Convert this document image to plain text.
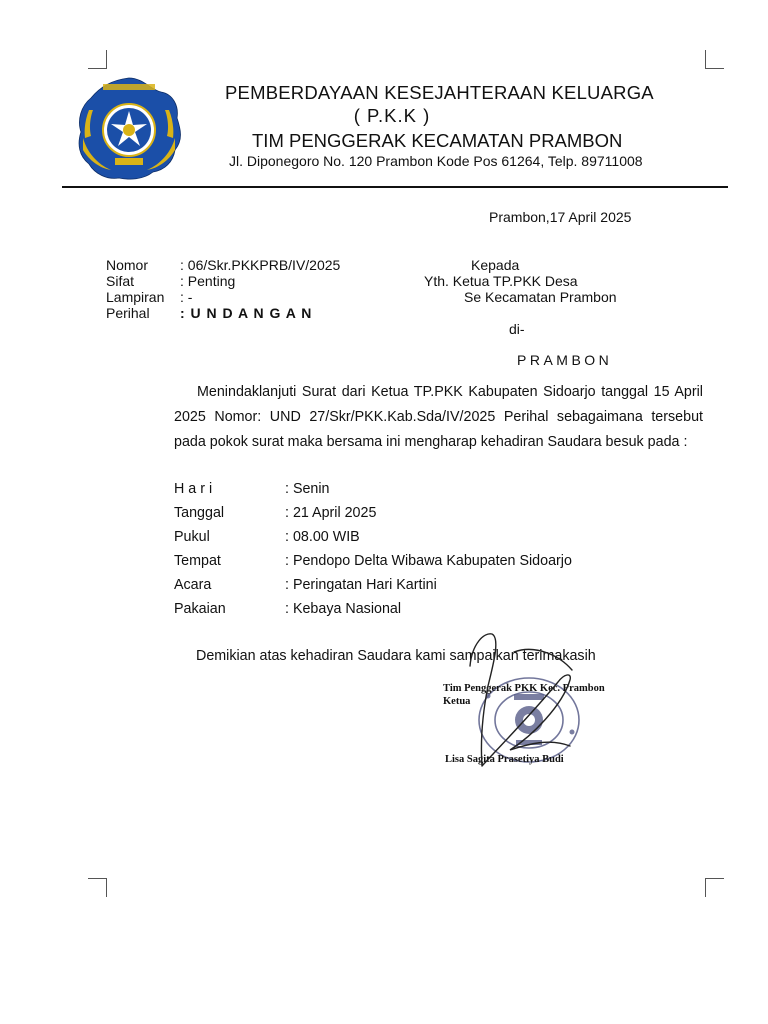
PEMBERDAYAAN KESEJAHTERAAN KELUARGA
( P.K.K )
TIM PENGGERAK KECAMATAN PRAMBON
Jl. Diponegoro No. 120 Prambon Kode Pos 61264, Telp. 89711008
Prambon,17 April 2025
Nomor : 06/Skr.PKKPRB/IV/2025
Sifat	: Penting
Lampiran : -
Perihal : U N D A N G A N
Kepada
Yth. Ketua TP.PKK Desa
Se Kecamatan Prambon
di-
PRAMBON
Menindaklanjuti Surat dari Ketua TP.PKK Kabupaten Sidoarjo tanggal 15 April 2025 Nomor: UND 27/Skr/PKK.Kab.Sda/IV/2025 Perihal sebagaimana tersebut pada pokok surat maka bersama ini mengharap kehadiran Saudara besuk pada :
H a r i	: Senin
Tanggal	: 21 April 2025
Pukul	: 08.00 WIB
Tempat	: Pendopo Delta Wibawa Kabupaten Sidoarjo
Acara	: Peringatan Hari Kartini
Pakaian	: Kebaya Nasional
Demikian atas kehadiran Saudara kami sampaikan terimakasih
Tim Penggerak PKK Kec. Prambon
Ketua
Lisa Sagita Prasetiya Budi
